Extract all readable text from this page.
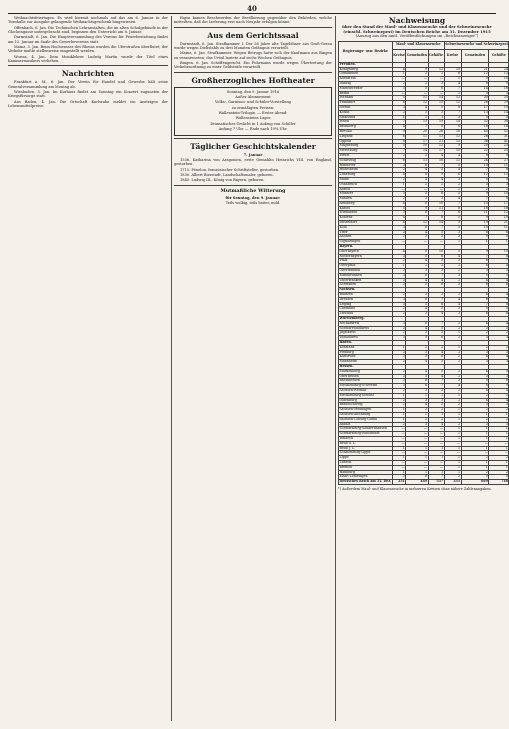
40

Weihnachtsfeiertagen. Es wird hiermit nochmals auf das am 6. Januar in der Turnhalle zur Ausgabe gelangende Weihnachtsgeschenk hingewiesen.

Offenbach, 6. Jan. Die Technischen Lehranstalten, die im alten Schulgebäude in der Glockengasse untergebracht sind, beginnen den Unterricht am 8. Januar.

Darmstadt, 6. Jan. Die Hauptversammlung des Vereins für Feuerbestattung findet am 12. Januar im Saale des Gewerbevereins statt.

Mainz, 5. Jan. Beim Hochwasser des Rheins wurden die Uferstraßen überflutet; der Verkehr mußte stellenweise eingestellt werden.

Worms, 4. Jan. Dem Musiklehrer Ludwig Martin wurde der Titel eines Kammermusikers verliehen.

Nachrichten

Frankfurt a. M., 6. Jan. Der Verein für Handel und Gewerbe hält seine Generalversammlung am Montag ab.

Wiesbaden, 5. Jan. Im Kurhaus findet am Sonntag ein Konzert zugunsten der Kriegsfürsorge statt.

Aus Baden, 4. Jan. Die Ortschaft Karlsruhe meldet ein Ansteigen der Lebensmittelpreise.

fügen kamen Beschwerden der Bevölkerung gegenüber den Behörden, welche mitteilten, daß die Lieferung erst nach Neujahr erfolgen könne.

Aus dem Gerichtssaal

Darmstadt, 6. Jan. Strafkammer I. Der 26 Jahre alte Tagelöhner aus Groß-Gerau wurde wegen Diebstahls zu drei Monaten Gefängnis verurteilt.

Mainz, 6. Jan. Strafkammer. Wegen Betrugs hatte sich der Kaufmann aus Bingen zu verantworten; das Urteil lautete auf sechs Wochen Gefängnis.

Bingen, 6. Jan. Schöffengericht. Ein Fuhrmann wurde wegen Übertretung der Verkehrsordnung zu einer Geldstrafe verurteilt.

Großherzogliches Hoftheater

Sonntag, den 9. Januar 1916

Außer Abonnement

Volks-, Garnison- und Schüler-Vorstellung

zu ermäßigten Preisen:

Wallenstein-Trilogie. — Erster Abend:

Wallensteins Lager

Dramatisches Gedicht in 1 Aufzug von Schiller

Anfang 7 Uhr. — Ende nach 10¼ Uhr.

Täglicher Geschichtskalender

7. Januar

1536. Katharina von Aragonien, erste Gemahlin Heinrichs VIII. von England, gestorben.

1715. Fénelon, französischer Schriftsteller, gestorben.

1830. Albert Bierstadt, Landschaftsmaler, geboren.

1845. Ludwig III., König von Bayern, geboren.

Mutmaßliche Witterung

für Sonntag, den 9. Januar:

Teils wolkig, teils heiter, mild.

Nachweisung
über den Stand der Maul- und Klauenseuche und der Schweineseuche (einschl. Schweinepest) im Deutschen Reiche am 31. Dezember 1915
(Auszug aus den amtl. Veröffentlichungen im „Reichsanzeiger“)
Regierungs- usw. Bezirke	Maul- und Klauenseuche			Schweineseuche und Schweinepest		
	Kreise	Gemeinden	Gehöfte	Kreise	Gemeinden	Gehöfte
Preußen.						
Königsberg	4	9	12	10	21	24
Gumbinnen	1	2	2	6	12	13
Allenstein	—	—	—	5	9	10
Danzig	2	3	3	4	8	9
Marienwerder	3	5	6	7	14	16
Berlin	—	—	—	1	3	3
Potsdam	5	11	14	12	30	35
Frankfurt	6	12	15	11	26	29
Stettin	3	4	5	8	17	19
Köslin	2	3	3	7	13	14
Stralsund	1	1	1	3	5	5
Posen	7	15	19	14	32	38
Bromberg	4	7	8	8	16	18
Breslau	9	20	26	18	45	52
Liegnitz	6	11	13	12	28	31
Oppeln	8	17	21	15	36	41
Magdeburg	5	10	12	9	20	23
Merseburg	7	14	17	10	22	25
Erfurt	2	3	4	4	8	9
Schleswig	6	13	16	11	24	27
Hannover	3	6	7	5	10	11
Hildesheim	2	4	5	4	7	8
Lüneburg	4	8	9	6	12	13
Stade	2	4	4	3	5	5
Osnabrück	1	2	2	2	3	3
Aurich	—	—	—	1	2	2
Münster	3	5	6	5	9	10
Minden	2	3	3	4	7	8
Arnsberg	4	8	10	7	15	17
Kassel	5	9	11	8	16	18
Wiesbaden	3	6	7	6	11	12
Koblenz	4	7	8	5	9	10
Düsseldorf	6	12	14	9	19	21
Köln	3	6	7	5	10	11
Trier	2	4	5	3	6	6
Aachen	2	3	3	3	5	5
Sigmaringen	—	—	—	1	1	1
Bayern.						
Oberbayern	4	8	10	5	9	10
Niederbayern	3	5	6	4	7	8
Pfalz	2	4	5	3	6	7
Oberpfalz	1	2	2	2	4	4
Oberfranken	2	3	3	2	3	3
Mittelfranken	3	6	7	3	5	5
Unterfranken	2	4	4	2	4	4
Schwaben	3	5	6	3	6	6
Sachsen.						
Bautzen	2	3	3	2	4	4
Dresden	3	6	7	4	8	9
Leipzig	3	5	6	4	7	8
Chemnitz	2	4	5	3	5	5
Zwickau	2	3	4	3	6	6
Württemberg.						
Neckarkreis	3	6	7	2	4	4
Schwarzwaldkreis	2	4	5	2	3	3
Jagstkreis	2	3	3	1	2	2
Donaukreis	3	5	6	2	3	3
Baden.						
Konstanz	1	2	2	1	2	2
Freiburg	2	3	4	2	3	3
Karlsruhe	3	5	6	2	4	4
Mannheim	2	4	5	2	3	3
Hessen.						
Starkenburg	2	4	5	2	4	5
Oberhessen	2	3	4	2	3	3
Rheinhessen	3	6	7	3	5	6
Mecklenburg-Schwerin	3	6	7	4	8	9
Sachsen-Weimar	2	3	3	2	4	4
Mecklenburg-Strelitz	1	1	1	1	2	2
Oldenburg	2	3	3	2	4	4
Braunschweig	2	4	5	2	3	3
Sachsen-Meiningen	1	2	2	1	2	2
Sachsen-Altenburg	1	1	1	1	1	1
Sachsen-Coburg-Gotha	1	2	2	1	2	2
Anhalt	2	3	4	2	3	3
Schwarzburg-Sondershausen	—	—	—	1	1	1
Schwarzburg-Rudolstadt	—	—	—	1	1	1
Waldeck	—	—	—	1	1	1
Reuß ä. L.	—	—	—	—	—	—
Reuß j. L.	1	1	1	1	1	1
Schaumburg-Lippe	—	—	—	—	—	—
Lippe	1	1	1	1	2	2
Lübeck	—	—	—	1	1	1
Bremen	—	—	—	1	1	1
Hamburg	1	1	1	1	2	2
Elsaß-Lothringen	3	6	7	3	5	5
Deutsches Reich am 31. Dez.	231	449	537	335	669	746
*) Außerdem Maul- und Klauenseuche in mehreren Kreisen ohne nähere Zahlenangaben.
